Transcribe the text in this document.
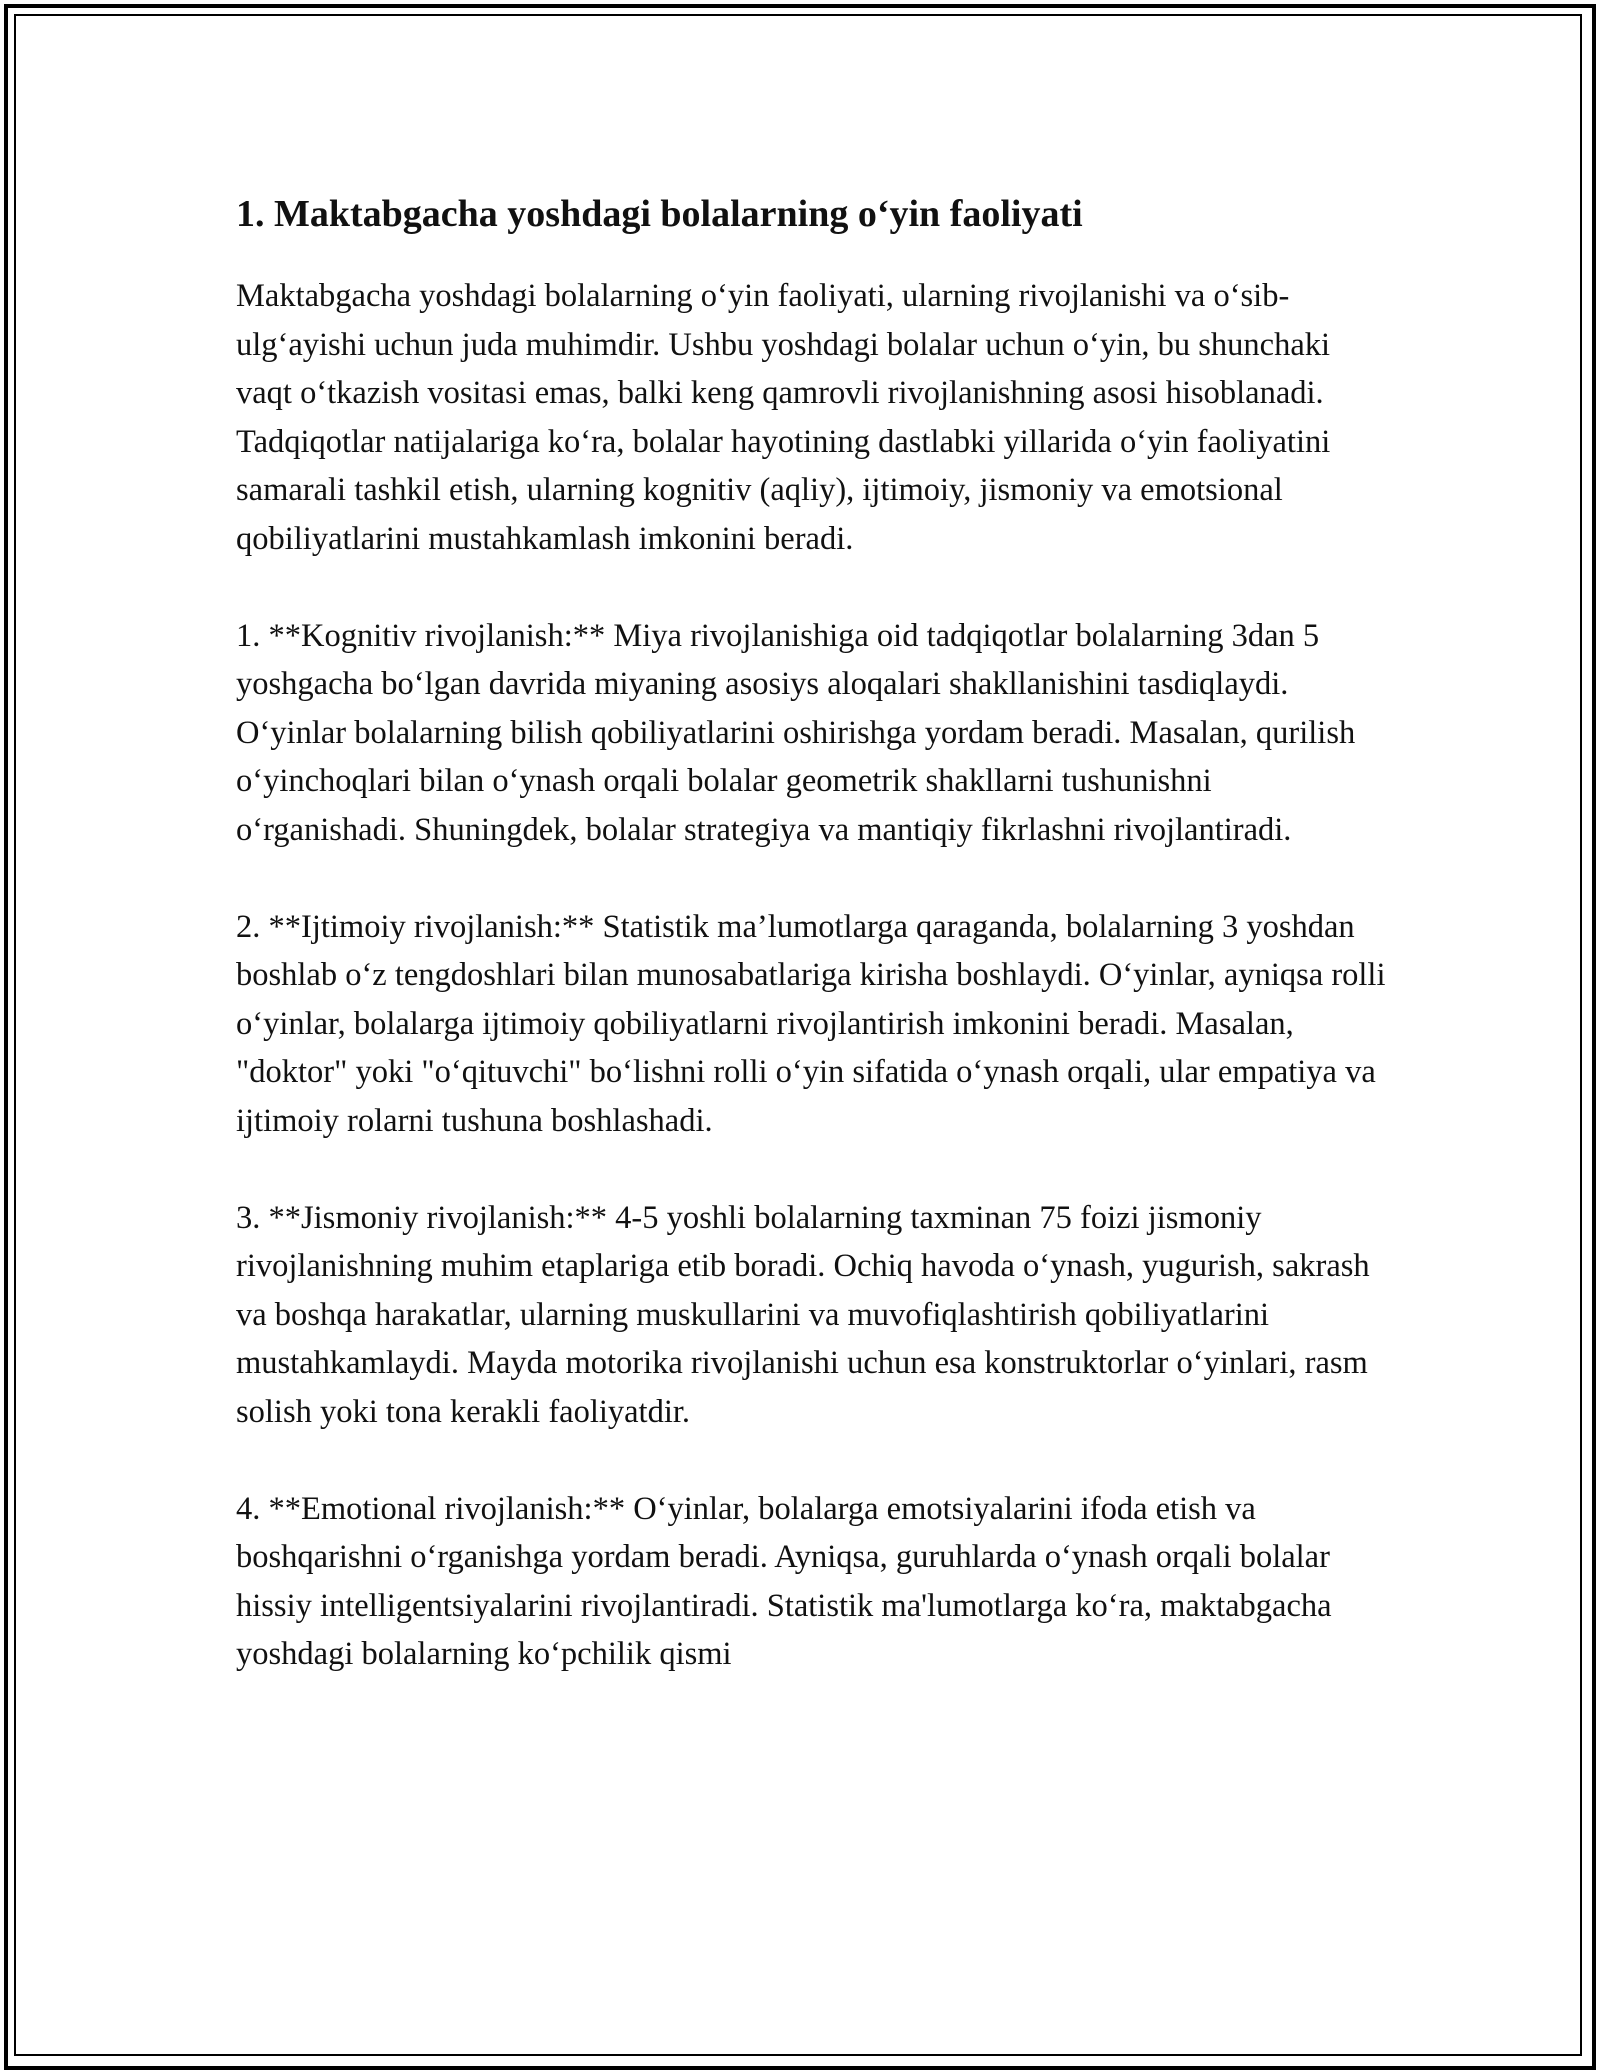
1. Maktabgacha yoshdagi bolalarning o‘yin faoliyati

Maktabgacha yoshdagi bolalarning o‘yin faoliyati, ularning rivojlanishi va o‘sib-ulg‘ayishi uchun juda muhimdir. Ushbu yoshdagi bolalar uchun o‘yin, bu shunchaki vaqt o‘tkazish vositasi emas, balki keng qamrovli rivojlanishning asosi hisoblanadi. Tadqiqotlar natijalariga ko‘ra, bolalar hayotining dastlabki yillarida o‘yin faoliyatini samarali tashkil etish, ularning kognitiv (aqliy), ijtimoiy, jismoniy va emotsional qobiliyatlarini mustahkamlash imkonini beradi.

1. **Kognitiv rivojlanish:** Miya rivojlanishiga oid tadqiqotlar bolalarning 3dan 5 yoshgacha bo‘lgan davrida miyaning asosiys aloqalari shakllanishini tasdiqlaydi. O‘yinlar bolalarning bilish qobiliyatlarini oshirishga yordam beradi. Masalan, qurilish o‘yinchoqlari bilan o‘ynash orqali bolalar geometrik shakllarni tushunishni o‘rganishadi. Shuningdek, bolalar strategiya va mantiqiy fikrlashni rivojlantiradi.

2. **Ijtimoiy rivojlanish:** Statistik ma’lumotlarga qaraganda, bolalarning 3 yoshdan boshlab o‘z tengdoshlari bilan munosabatlariga kirisha boshlaydi. O‘yinlar, ayniqsa rolli o‘yinlar, bolalarga ijtimoiy qobiliyatlarni rivojlantirish imkonini beradi. Masalan, "doktor" yoki "o‘qituvchi" bo‘lishni rolli o‘yin sifatida o‘ynash orqali, ular empatiya va ijtimoiy rolarni tushuna boshlashadi.

3. **Jismoniy rivojlanish:** 4-5 yoshli bolalarning taxminan 75 foizi jismoniy rivojlanishning muhim etaplariga etib boradi. Ochiq havoda o‘ynash, yugurish, sakrash va boshqa harakatlar, ularning muskullarini va muvofiqlashtirish qobiliyatlarini mustahkamlaydi. Mayda motorika rivojlanishi uchun esa konstruktorlar o‘yinlari, rasm solish yoki tona kerakli faoliyatdir.

4. **Emotional rivojlanish:** O‘yinlar, bolalarga emotsiyalarini ifoda etish va boshqarishni o‘rganishga yordam beradi. Ayniqsa, guruhlarda o‘ynash orqali bolalar hissiy intelligentsiyalarini rivojlantiradi. Statistik ma'lumotlarga ko‘ra, maktabgacha yoshdagi bolalarning ko‘pchilik qismi
